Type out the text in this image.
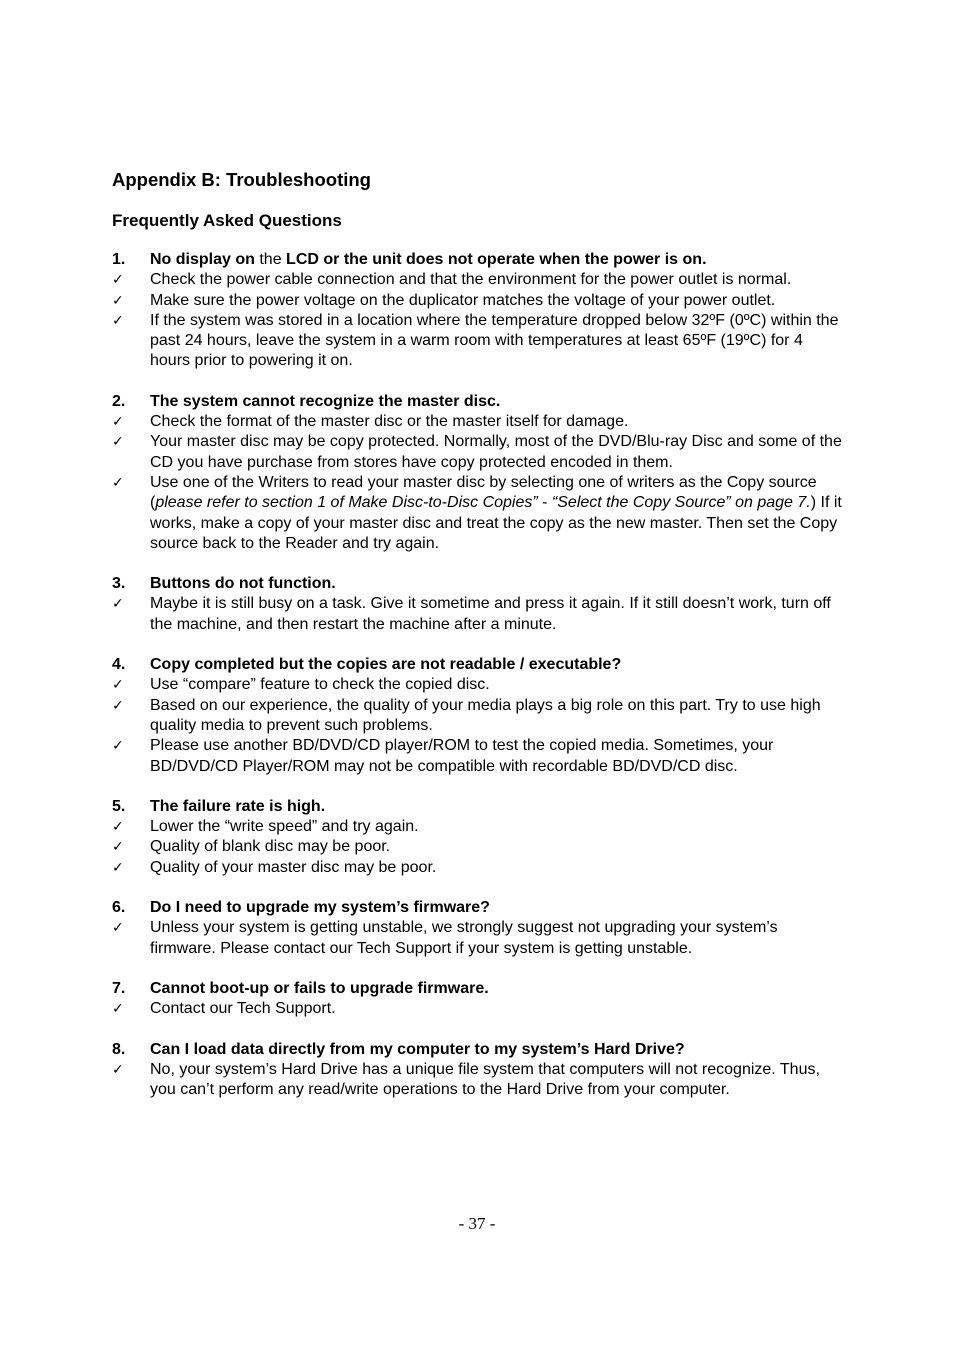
Appendix B: Troubleshooting
Frequently Asked Questions
1.	No display on the LCD or the unit does not operate when the power is on.
✓	Check the power cable connection and that the environment for the power outlet is normal.
✓	Make sure the power voltage on the duplicator matches the voltage of your power outlet.
✓	If the system was stored in a location where the temperature dropped below 32ºF (0ºC) within the past 24 hours, leave the system in a warm room with temperatures at least 65ºF (19ºC) for 4 hours prior to powering it on.
2.	The system cannot recognize the master disc.
✓	Check the format of the master disc or the master itself for damage.
✓	Your master disc may be copy protected. Normally, most of the DVD/Blu-ray Disc and some of the CD you have purchase from stores have copy protected encoded in them.
✓	Use one of the Writers to read your master disc by selecting one of writers as the Copy source (please refer to section 1 of Make Disc-to-Disc Copies” - “Select the Copy Source” on page 7.) If it works, make a copy of your master disc and treat the copy as the new master. Then set the Copy source back to the Reader and try again.
3.	Buttons do not function.
✓	Maybe it is still busy on a task. Give it sometime and press it again. If it still doesn’t work, turn off the machine, and then restart the machine after a minute.
4.	Copy completed but the copies are not readable / executable?
✓	Use “compare” feature to check the copied disc.
✓	Based on our experience, the quality of your media plays a big role on this part. Try to use high quality media to prevent such problems.
✓	Please use another BD/DVD/CD player/ROM to test the copied media. Sometimes, your BD/DVD/CD Player/ROM may not be compatible with recordable BD/DVD/CD disc.
5.	The failure rate is high.
✓	Lower the “write speed” and try again.
✓	Quality of blank disc may be poor.
✓	Quality of your master disc may be poor.
6.	Do I need to upgrade my system’s firmware?
✓	Unless your system is getting unstable, we strongly suggest not upgrading your system’s firmware. Please contact our Tech Support if your system is getting unstable.
7.	Cannot boot-up or fails to upgrade firmware.
✓	Contact our Tech Support.
8.	Can I load data directly from my computer to my system’s Hard Drive?
✓	No, your system’s Hard Drive has a unique file system that computers will not recognize. Thus, you can’t perform any read/write operations to the Hard Drive from your computer.
- 37 -
